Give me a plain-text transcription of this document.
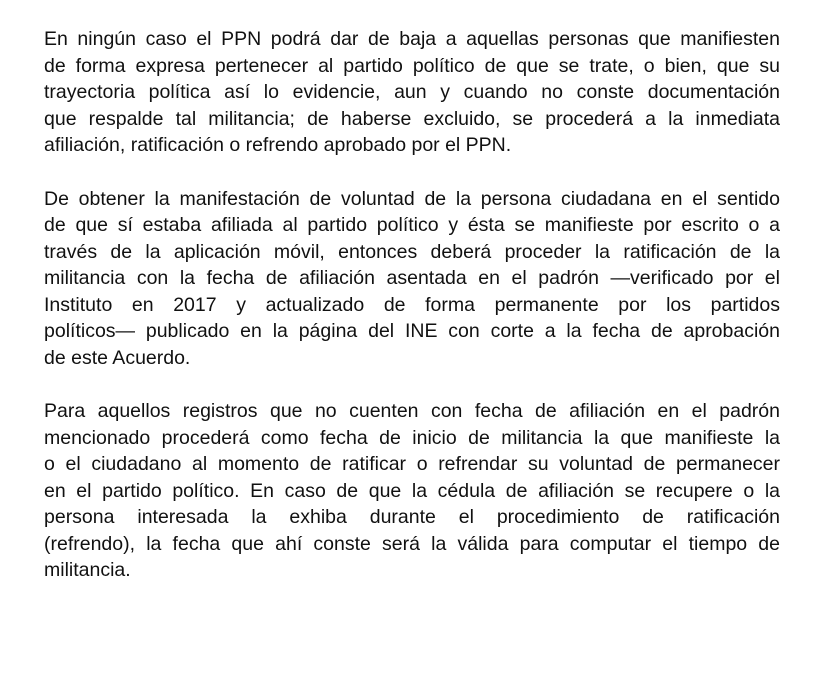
En ningún caso el PPN podrá dar de baja a aquellas personas que manifiesten
de forma expresa pertenecer al partido político de que se trate, o bien, que su
trayectoria política así lo evidencie, aun y cuando no conste documentación
que respalde tal militancia; de haberse excluido, se procederá a la inmediata
afiliación, ratificación o refrendo aprobado por el PPN.

De obtener la manifestación de voluntad de la persona ciudadana en el sentido
de que sí estaba afiliada al partido político y ésta se manifieste por escrito o a
través de la aplicación móvil, entonces deberá proceder la ratificación de la
militancia con la fecha de afiliación asentada en el padrón —verificado por el
Instituto en 2017 y actualizado de forma permanente por los partidos
políticos— publicado en la página del INE con corte a la fecha de aprobación
de este Acuerdo.

Para aquellos registros que no cuenten con fecha de afiliación en el padrón
mencionado procederá como fecha de inicio de militancia la que manifieste la
o el ciudadano al momento de ratificar o refrendar su voluntad de permanecer
en el partido político. En caso de que la cédula de afiliación se recupere o la
persona interesada la exhiba durante el procedimiento de ratificación
(refrendo), la fecha que ahí conste será la válida para computar el tiempo de
militancia.
